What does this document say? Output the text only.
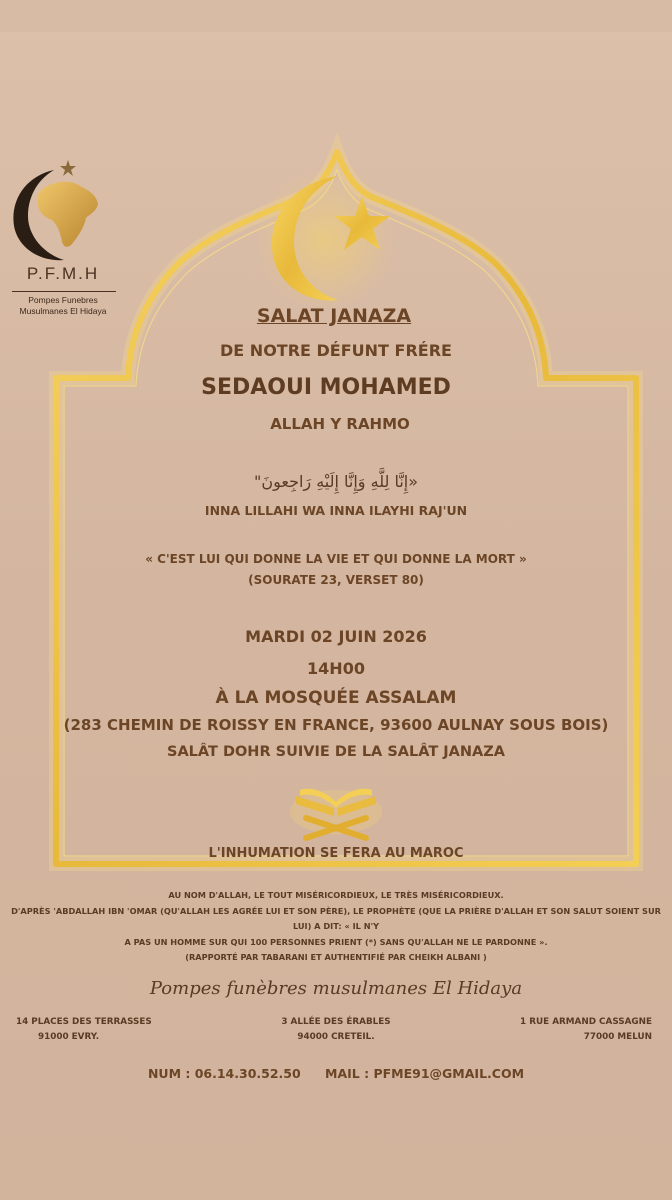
P.F.M.H
Pompes Funebres
Musulmanes El Hidaya	SALAT JANAZA
DE NOTRE DÉFUNT FRÉRE
SEDAOUI MOHAMED
ALLAH Y RAHMO
«إِنَّا لِلَّهِ وَإِنَّا إِلَيْهِ رَاجِعونَ"
INNA LILLAHI WA INNA ILAYHI RAJ'UN
« C'EST LUI QUI DONNE LA VIE ET QUI DONNE LA MORT »
(SOURATE 23, VERSET 80)
MARDI 02 JUIN 2026
14H00
À LA MOSQUÉE ASSALAM
(283 CHEMIN DE ROISSY EN FRANCE, 93600 AULNAY SOUS BOIS)
SALÂT DOHR SUIVIE DE LA SALÂT JANAZA
L'INHUMATION SE FERA AU MAROC
AU NOM D'ALLAH, LE TOUT MISÉRICORDIEUX, LE TRÈS MISÉRICORDIEUX.
D'APRÈS 'ABDALLAH IBN 'OMAR (QU'ALLAH LES AGRÉE LUI ET SON PÈRE), LE PROPHÈTE (QUE LA PRIÈRE D'ALLAH ET SON SALUT SOIENT SUR LUI) A DIT: « IL N'Y
A PAS UN HOMME SUR QUI 100 PERSONNES PRIENT (*) SANS QU'ALLAH NE LE PARDONNE ».
(RAPPORTÉ PAR TABARANI ET AUTHENTIFIÉ PAR CHEIKH ALBANI )
Pompes funèbres musulmanes El Hidaya
14 PLACES DES TERRASSES
91000 EVRY.
3 ALLÉE DES ÉRABLES
94000 CRETEIL.
1 RUE ARMAND CASSAGNE
77000 MELUN
NUM : 06.14.30.52.50 MAIL : PFME91@GMAIL.COM
